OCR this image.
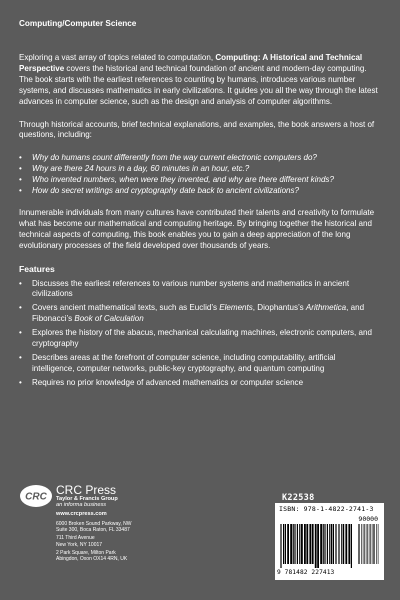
Computing/Computer Science

Exploring a vast array of topics related to computation, Computing: A Historical and Technical Perspective covers the historical and technical foundation of ancient and modern-day computing. The book starts with the earliest references to counting by humans, introduces various number systems, and discusses mathematics in early civilizations. It guides you all the way through the latest advances in computer science, such as the design and analysis of computer algorithms.

Through historical accounts, brief technical explanations, and examples, the book answers a host of questions, including:

• Why do humans count differently from the way current electronic computers do?
• Why are there 24 hours in a day, 60 minutes in an hour, etc.?
• Who invented numbers, when were they invented, and why are there different kinds?
• How do secret writings and cryptography date back to ancient civilizations?

Innumerable individuals from many cultures have contributed their talents and creativity to formulate what has become our mathematical and computing heritage. By bringing together the historical and technical aspects of computing, this book enables you to gain a deep appreciation of the long evolutionary processes of the field developed over thousands of years.

Features
• Discusses the earliest references to various number systems and mathematics in ancient civilizations
• Covers ancient mathematical texts, such as Euclid’s Elements, Diophantus’s Arithmetica, and Fibonacci’s Book of Calculation
• Explores the history of the abacus, mechanical calculating machines, electronic computers, and cryptography
• Describes areas at the forefront of computer science, including computability, artificial intelligence, computer networks, public-key cryptography, and quantum computing
• Requires no prior knowledge of advanced mathematics or computer science
CRC
CRC Press
Taylor & Francis Group
an informa business
www.crcpress.com
6000 Broken Sound Parkway, NW
Suite 300, Boca Raton, FL 33487
711 Third Avenue
New York, NY 10017
2 Park Square, Milton Park
Abingdon, Oxon OX14 4RN, UK
K22538
ISBN: 978-1-4822-2741-3
90000
9 781482 227413
